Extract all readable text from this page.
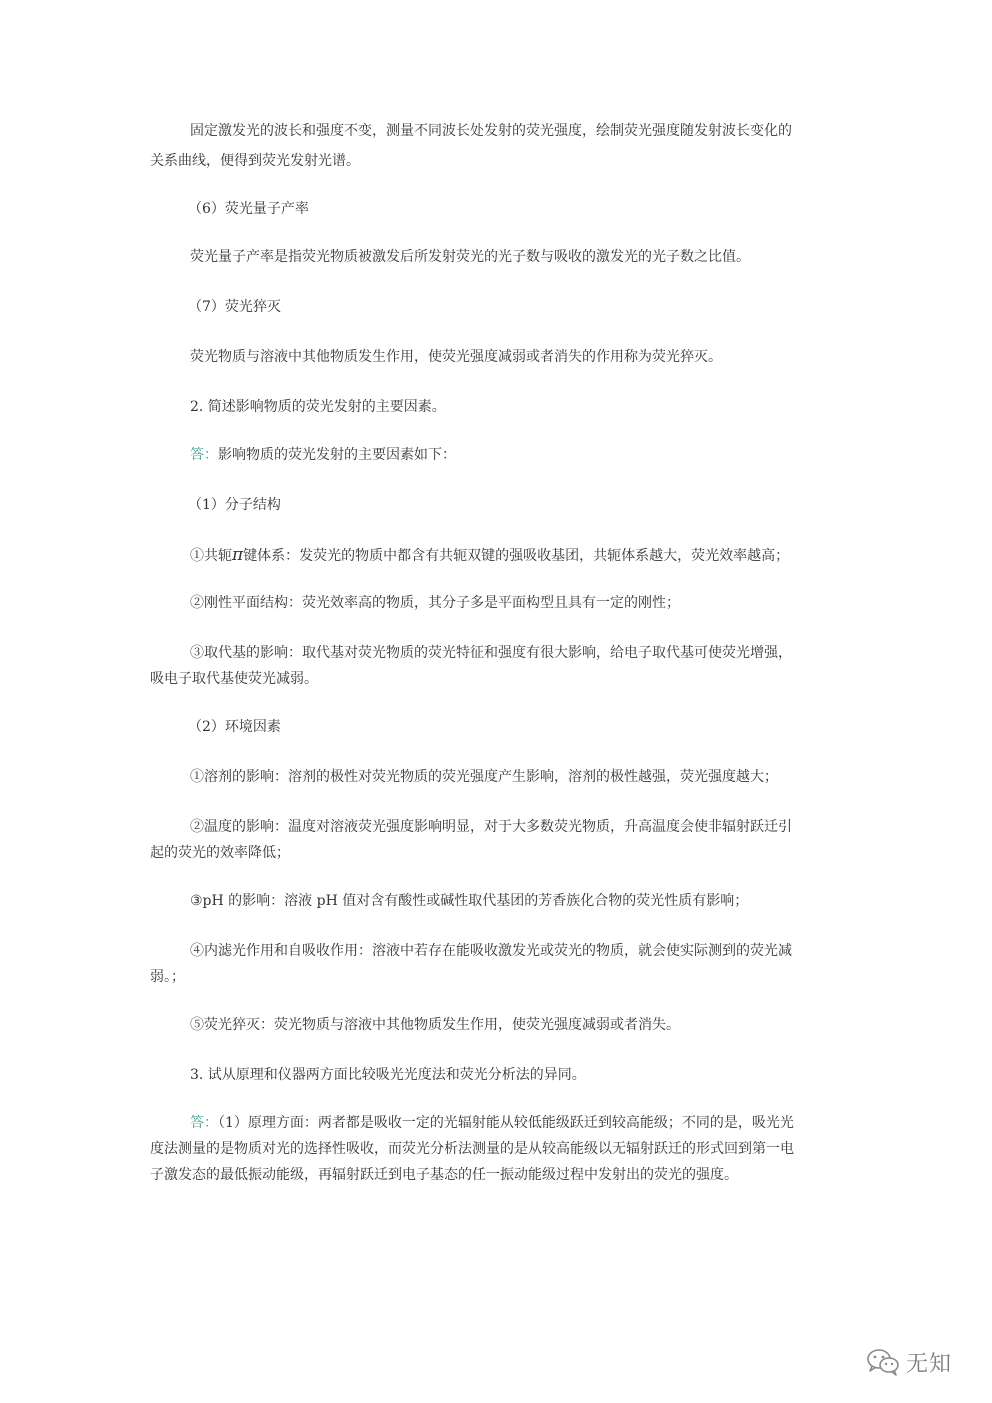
固定激发光的波长和强度不变，测量不同波长处发射的荧光强度，绘制荧光强度随发射波长变化的
关系曲线，便得到荧光发射光谱。
（6）荧光量子产率
荧光量子产率是指荧光物质被激发后所发射荧光的光子数与吸收的激发光的光子数之比值。
（7）荧光猝灭
荧光物质与溶液中其他物质发生作用，使荧光强度减弱或者消失的作用称为荧光猝灭。
2. 简述影响物质的荧光发射的主要因素。
答：影响物质的荧光发射的主要因素如下：
（1）分子结构
①共轭π键体系：发荧光的物质中都含有共轭双键的强吸收基团，共轭体系越大，荧光效率越高；
②刚性平面结构：荧光效率高的物质，其分子多是平面构型且具有一定的刚性；
③取代基的影响：取代基对荧光物质的荧光特征和强度有很大影响，给电子取代基可使荧光增强，
吸电子取代基使荧光减弱。
（2）环境因素
①溶剂的影响：溶剂的极性对荧光物质的荧光强度产生影响，溶剂的极性越强，荧光强度越大；
②温度的影响：温度对溶液荧光强度影响明显，对于大多数荧光物质，升高温度会使非辐射跃迁引
起的荧光的效率降低；
③pH 的影响：溶液 pH 值对含有酸性或碱性取代基团的芳香族化合物的荧光性质有影响；
④内滤光作用和自吸收作用：溶液中若存在能吸收激发光或荧光的物质，就会使实际测到的荧光减
弱。；
⑤荧光猝灭：荧光物质与溶液中其他物质发生作用，使荧光强度减弱或者消失。
3. 试从原理和仪器两方面比较吸光光度法和荧光分析法的异同。
答：（1）原理方面：两者都是吸收一定的光辐射能从较低能级跃迁到较高能级；不同的是，吸光光
度法测量的是物质对光的选择性吸收，而荧光分析法测量的是从较高能级以无辐射跃迁的形式回到第一电
子激发态的最低振动能级，再辐射跃迁到电子基态的任一振动能级过程中发射出的荧光的强度。
无知
